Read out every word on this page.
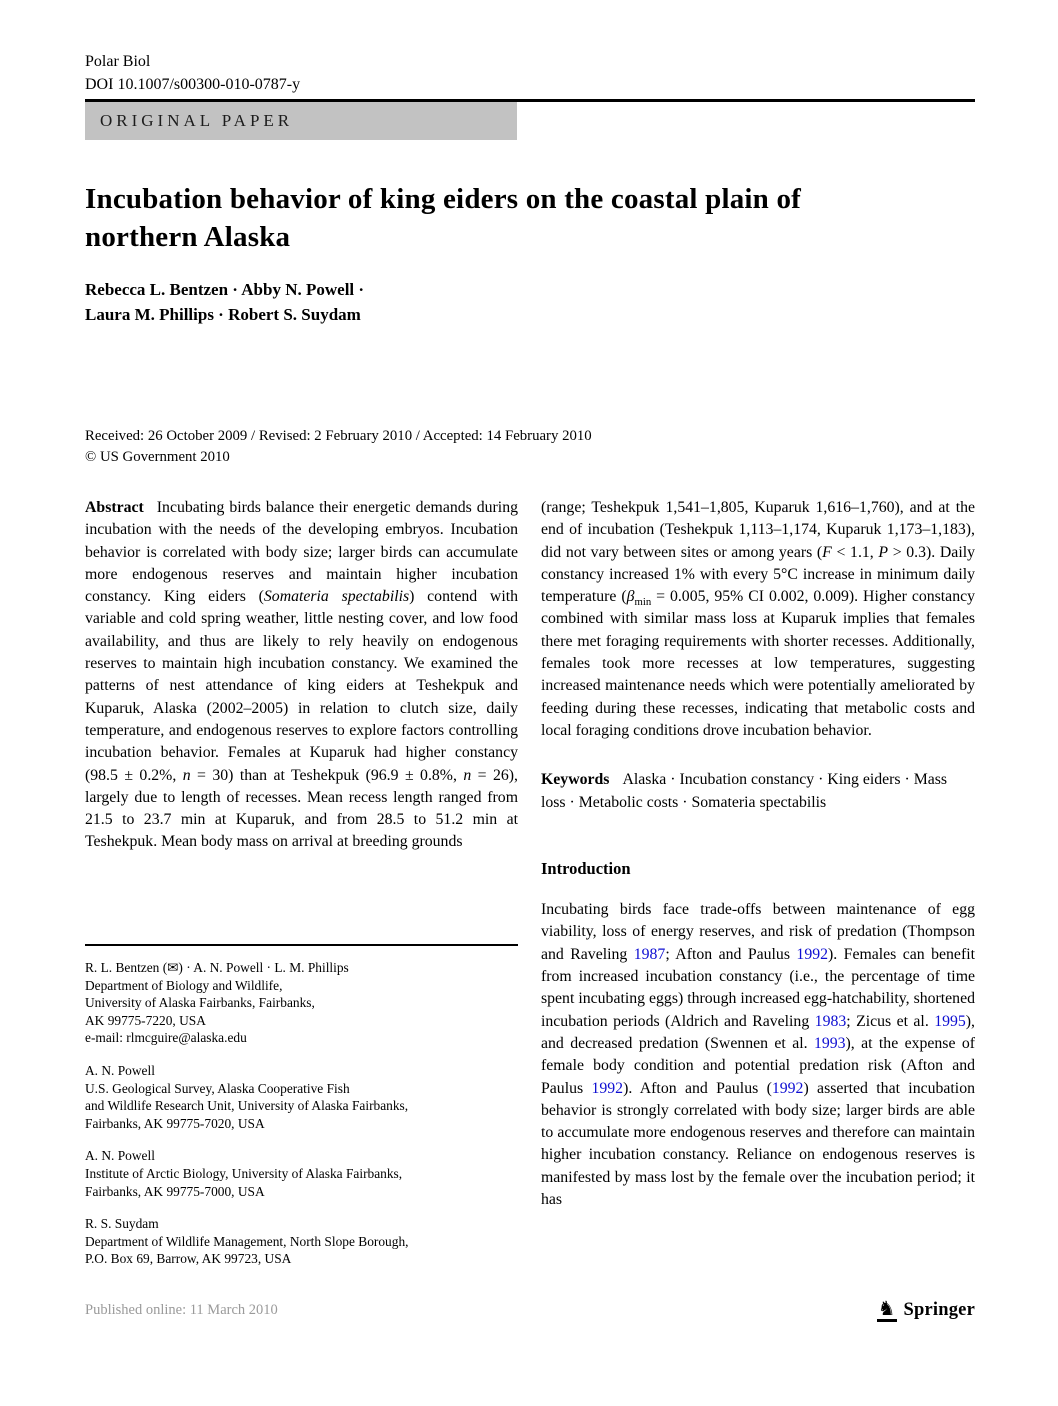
Polar Biol
DOI 10.1007/s00300-010-0787-y
ORIGINAL PAPER
Incubation behavior of king eiders on the coastal plain of northern Alaska
Rebecca L. Bentzen · Abby N. Powell ·
Laura M. Phillips · Robert S. Suydam
Received: 26 October 2009 / Revised: 2 February 2010 / Accepted: 14 February 2010
© US Government 2010
Abstract Incubating birds balance their energetic demands during incubation with the needs of the developing embryos. Incubation behavior is correlated with body size; larger birds can accumulate more endogenous reserves and maintain higher incubation constancy. King eiders (Somateria spectabilis) contend with variable and cold spring weather, little nesting cover, and low food availability, and thus are likely to rely heavily on endogenous reserves to maintain high incubation constancy. We examined the patterns of nest attendance of king eiders at Teshekpuk and Kuparuk, Alaska (2002–2005) in relation to clutch size, daily temperature, and endogenous reserves to explore factors controlling incubation behavior. Females at Kuparuk had higher constancy (98.5 ± 0.2%, n = 30) than at Teshekpuk (96.9 ± 0.8%, n = 26), largely due to length of recesses. Mean recess length ranged from 21.5 to 23.7 min at Kuparuk, and from 28.5 to 51.2 min at Teshekpuk. Mean body mass on arrival at breeding grounds
(range; Teshekpuk 1,541–1,805, Kuparuk 1,616–1,760), and at the end of incubation (Teshekpuk 1,113–1,174, Kuparuk 1,173–1,183), did not vary between sites or among years (F < 1.1, P > 0.3). Daily constancy increased 1% with every 5°C increase in minimum daily temperature ($\beta_{min} = 0.005$, 95% CI 0.002, 0.009). Higher constancy combined with similar mass loss at Kuparuk implies that females there met foraging requirements with shorter recesses. Additionally, females took more recesses at low temperatures, suggesting increased maintenance needs which were potentially ameliorated by feeding during these recesses, indicating that metabolic costs and local foraging conditions drove incubation behavior.
Keywords Alaska · Incubation constancy · King eiders · Mass loss · Metabolic costs · Somateria spectabilis
Introduction
Incubating birds face trade-offs between maintenance of egg viability, loss of energy reserves, and risk of predation (Thompson and Raveling 1987; Afton and Paulus 1992). Females can benefit from increased incubation constancy (i.e., the percentage of time spent incubating eggs) through increased egg-hatchability, shortened incubation periods (Aldrich and Raveling 1983; Zicus et al. 1995), and decreased predation (Swennen et al. 1993), at the expense of female body condition and potential predation risk (Afton and Paulus 1992). Afton and Paulus (1992) asserted that incubation behavior is strongly correlated with body size; larger birds are able to accumulate more endogenous reserves and therefore can maintain higher incubation constancy. Reliance on endogenous reserves is manifested by mass lost by the female over the incubation period; it has
R. L. Bentzen (✉) · A. N. Powell · L. M. Phillips
Department of Biology and Wildlife,
University of Alaska Fairbanks, Fairbanks,
AK 99775-7220, USA
e-mail: rlmcguire@alaska.edu
A. N. Powell
U.S. Geological Survey, Alaska Cooperative Fish
and Wildlife Research Unit, University of Alaska Fairbanks,
Fairbanks, AK 99775-7020, USA
A. N. Powell
Institute of Arctic Biology, University of Alaska Fairbanks,
Fairbanks, AK 99775-7000, USA
R. S. Suydam
Department of Wildlife Management, North Slope Borough,
P.O. Box 69, Barrow, AK 99723, USA
Published online: 11 March 2010	♞ Springer
